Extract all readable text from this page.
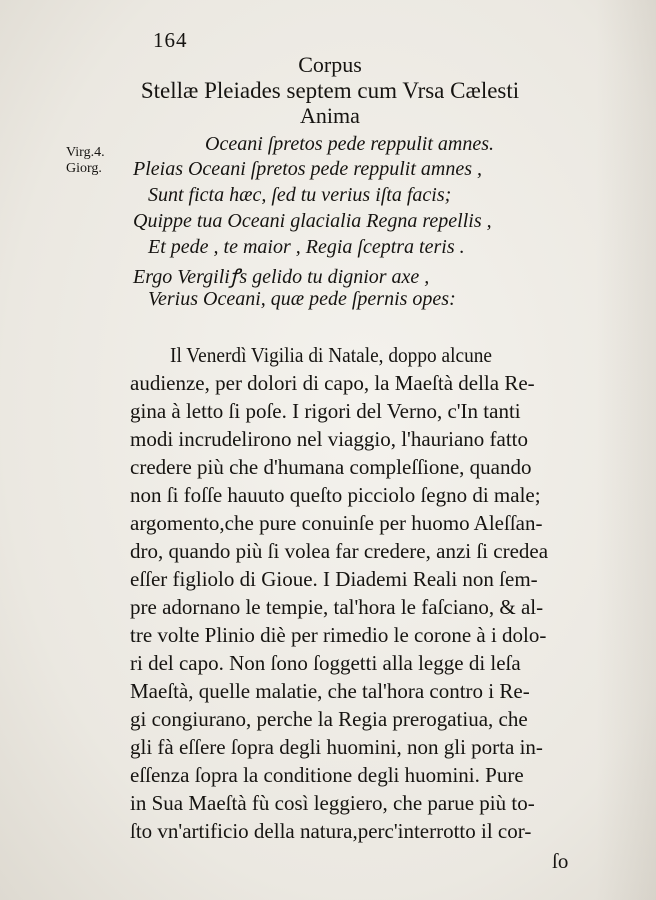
164
Corpus
Stellæ Pleiades septem cum Vrsa Cælesti
Anima
Virg.4.
Giorg.
Oceani ſpretos pede reppulit amnes.
Pleias Oceani ſpretos pede reppulit amnes ,
Sunt ficta hæc, ſed tu verius iſta facis;
Quippe tua Oceani glacialia Regna repellis ,
Et pede , te maior , Regia ſceptra teris .
Ergo Vergiliꝭs gelido tu dignior axe ,
Verius Oceani, quæ pede ſpernis opes:
Il Venerdì Vigilia di Natale, doppo alcune
audienze, per dolori di capo, la Maeſtà della Re-
gina à letto ſi poſe. I rigori del Verno, c'In tanti
modi incrudelirono nel viaggio, l'hauriano fatto
credere più che d'humana compleſſione, quando
non ſi foſſe hauuto queſto picciolo ſegno di male;
argomento,che pure conuinſe per huomo Aleſſan-
dro, quando più ſi volea far credere, anzi ſi credea
eſſer figliolo di Gioue. I Diademi Reali non ſem-
pre adornano le tempie, tal'hora le faſciano, & al-
tre volte Plinio diè per rimedio le corone à i dolo-
ri del capo. Non ſono ſoggetti alla legge di leſa
Maeſtà, quelle malatie, che tal'hora contro i Re-
gi congiurano, perche la Regia prerogatiua, che
gli fà eſſere ſopra degli huomini, non gli porta in-
eſſenza ſopra la conditione degli huomini. Pure
in Sua Maeſtà fù così leggiero, che parue più to-
ſto vn'artificio della natura,perc'interrotto il cor-
ſo
